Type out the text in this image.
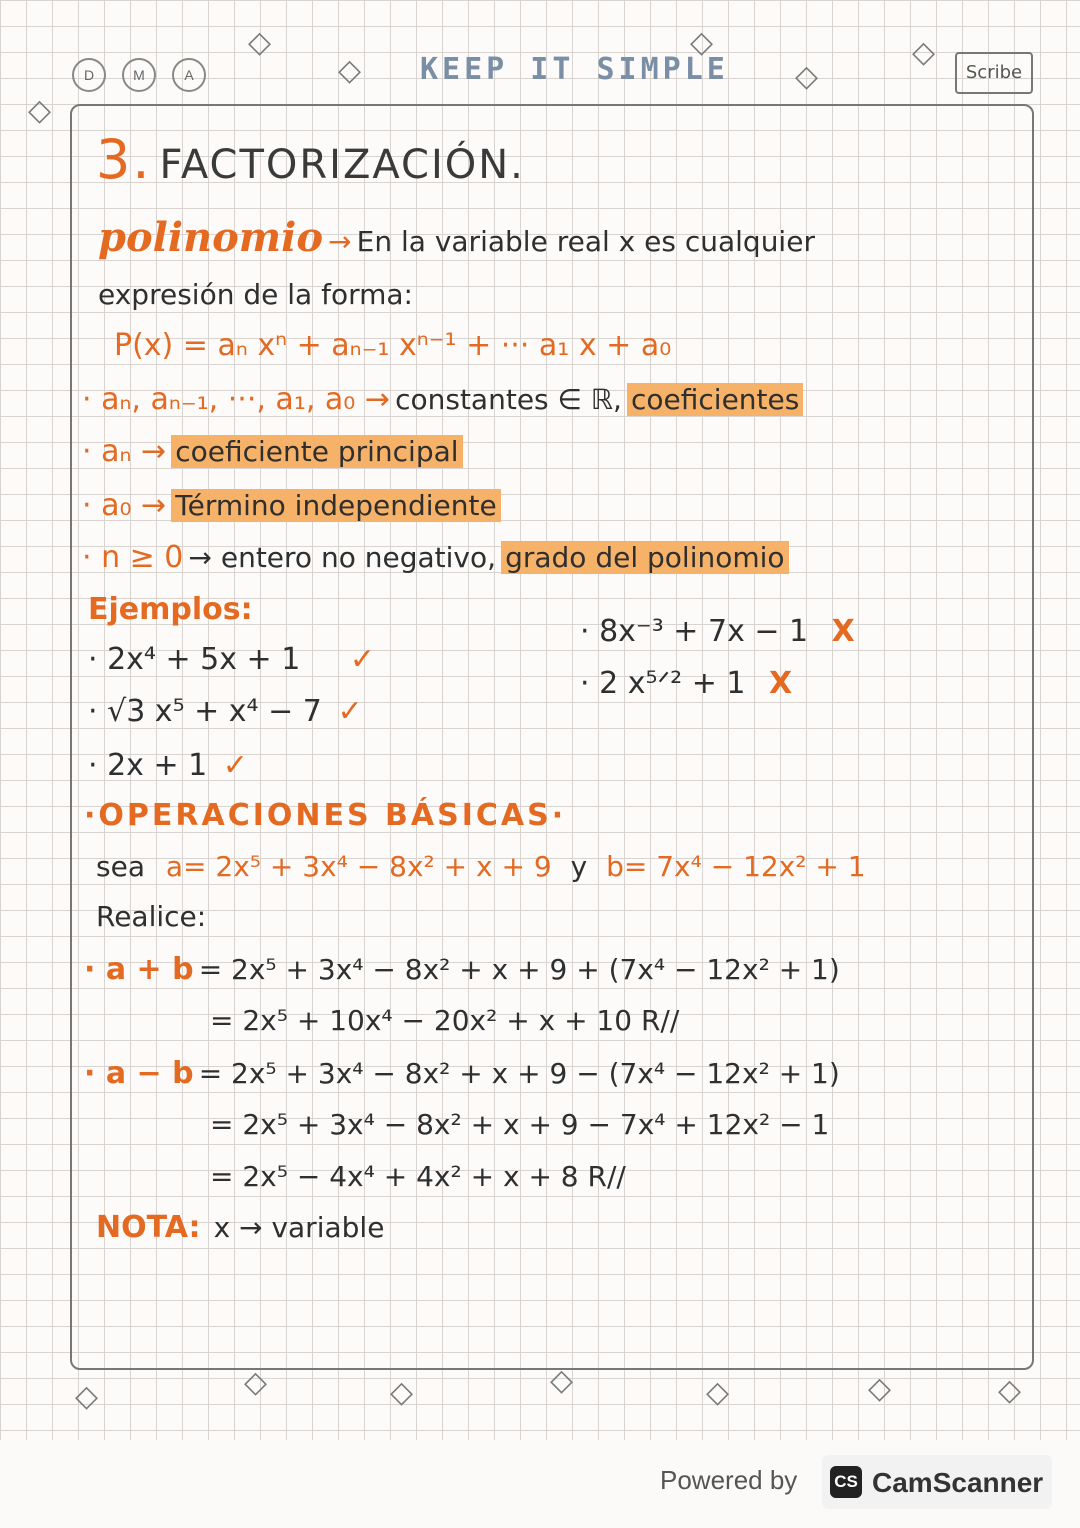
D	M	A	KEEP IT SIMPLE	Scribe
◇
◇
◇
◇
◇
◇
◇	◇	◇	◇	◇	◇	◇
3. FACTORIZACIÓN.
polinomio → En la variable real x es cualquier
expresión de la forma:
P(x) = aₙ xⁿ + aₙ₋₁ xⁿ⁻¹ + ··· a₁ x + a₀
· aₙ, aₙ₋₁, ···, a₁, a₀ → constantes ∈ ℝ, coeficientes
· aₙ → coeficiente principal
· a₀ → Término independiente
· n ≥ 0 → entero no negativo, grado del polinomio
Ejemplos:
· 2x⁴ + 5x + 1 ✓
· √3 x⁵ + x⁴ − 7 ✓
· 2x + 1 ✓
· 8x⁻³ + 7x − 1 X
· 2 x⁵ᐟ² + 1 X
·OPERACIONES BÁSICAS·
sea a= 2x⁵ + 3x⁴ − 8x² + x + 9 y b= 7x⁴ − 12x² + 1
Realice:
· a + b = 2x⁵ + 3x⁴ − 8x² + x + 9 + (7x⁴ − 12x² + 1)
= 2x⁵ + 10x⁴ − 20x² + x + 10 R//
· a − b = 2x⁵ + 3x⁴ − 8x² + x + 9 − (7x⁴ − 12x² + 1)
= 2x⁵ + 3x⁴ − 8x² + x + 9 − 7x⁴ + 12x² − 1
= 2x⁵ − 4x⁴ + 4x² + x + 8 R//
NOTA: x → variable
Powered by CS CamScanner
